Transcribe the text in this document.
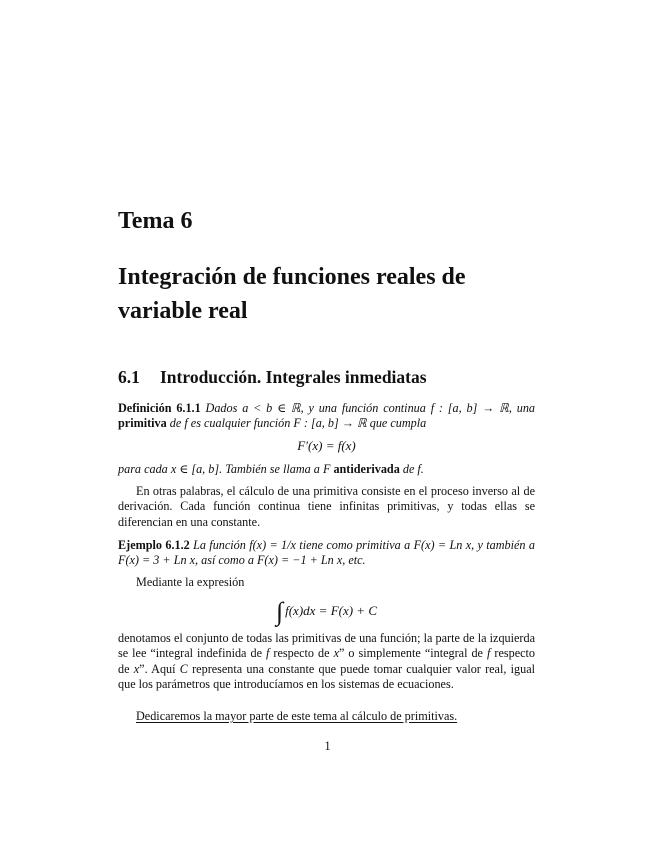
Tema 6
Integración de funciones reales de variable real
6.1 Introducción. Integrales inmediatas
Definición 6.1.1 Dados a < b ∈ ℝ, y una función continua f : [a, b] → ℝ, una primitiva de f es cualquier función F : [a, b] → ℝ que cumpla
F′(x) = f(x)
para cada x ∈ [a, b]. También se llama a F antiderivada de f.
En otras palabras, el cálculo de una primitiva consiste en el proceso inverso al de derivación. Cada función continua tiene infinitas primitivas, y todas ellas se diferencian en una constante.
Ejemplo 6.1.2 La función f(x) = 1/x tiene como primitiva a F(x) = Ln x, y también a F(x) = 3 + Ln x, así como a F(x) = −1 + Ln x, etc.
Mediante la expresión
∫ f(x)dx = F(x) + C
denotamos el conjunto de todas las primitivas de una función; la parte de la izquierda se lee “integral indefinida de f respecto de x” o simplemente “integral de f respecto de x”. Aquí C representa una constante que puede tomar cualquier valor real, igual que los parámetros que introducíamos en los sistemas de ecuaciones.
Dedicaremos la mayor parte de este tema al cálculo de primitivas.
1
